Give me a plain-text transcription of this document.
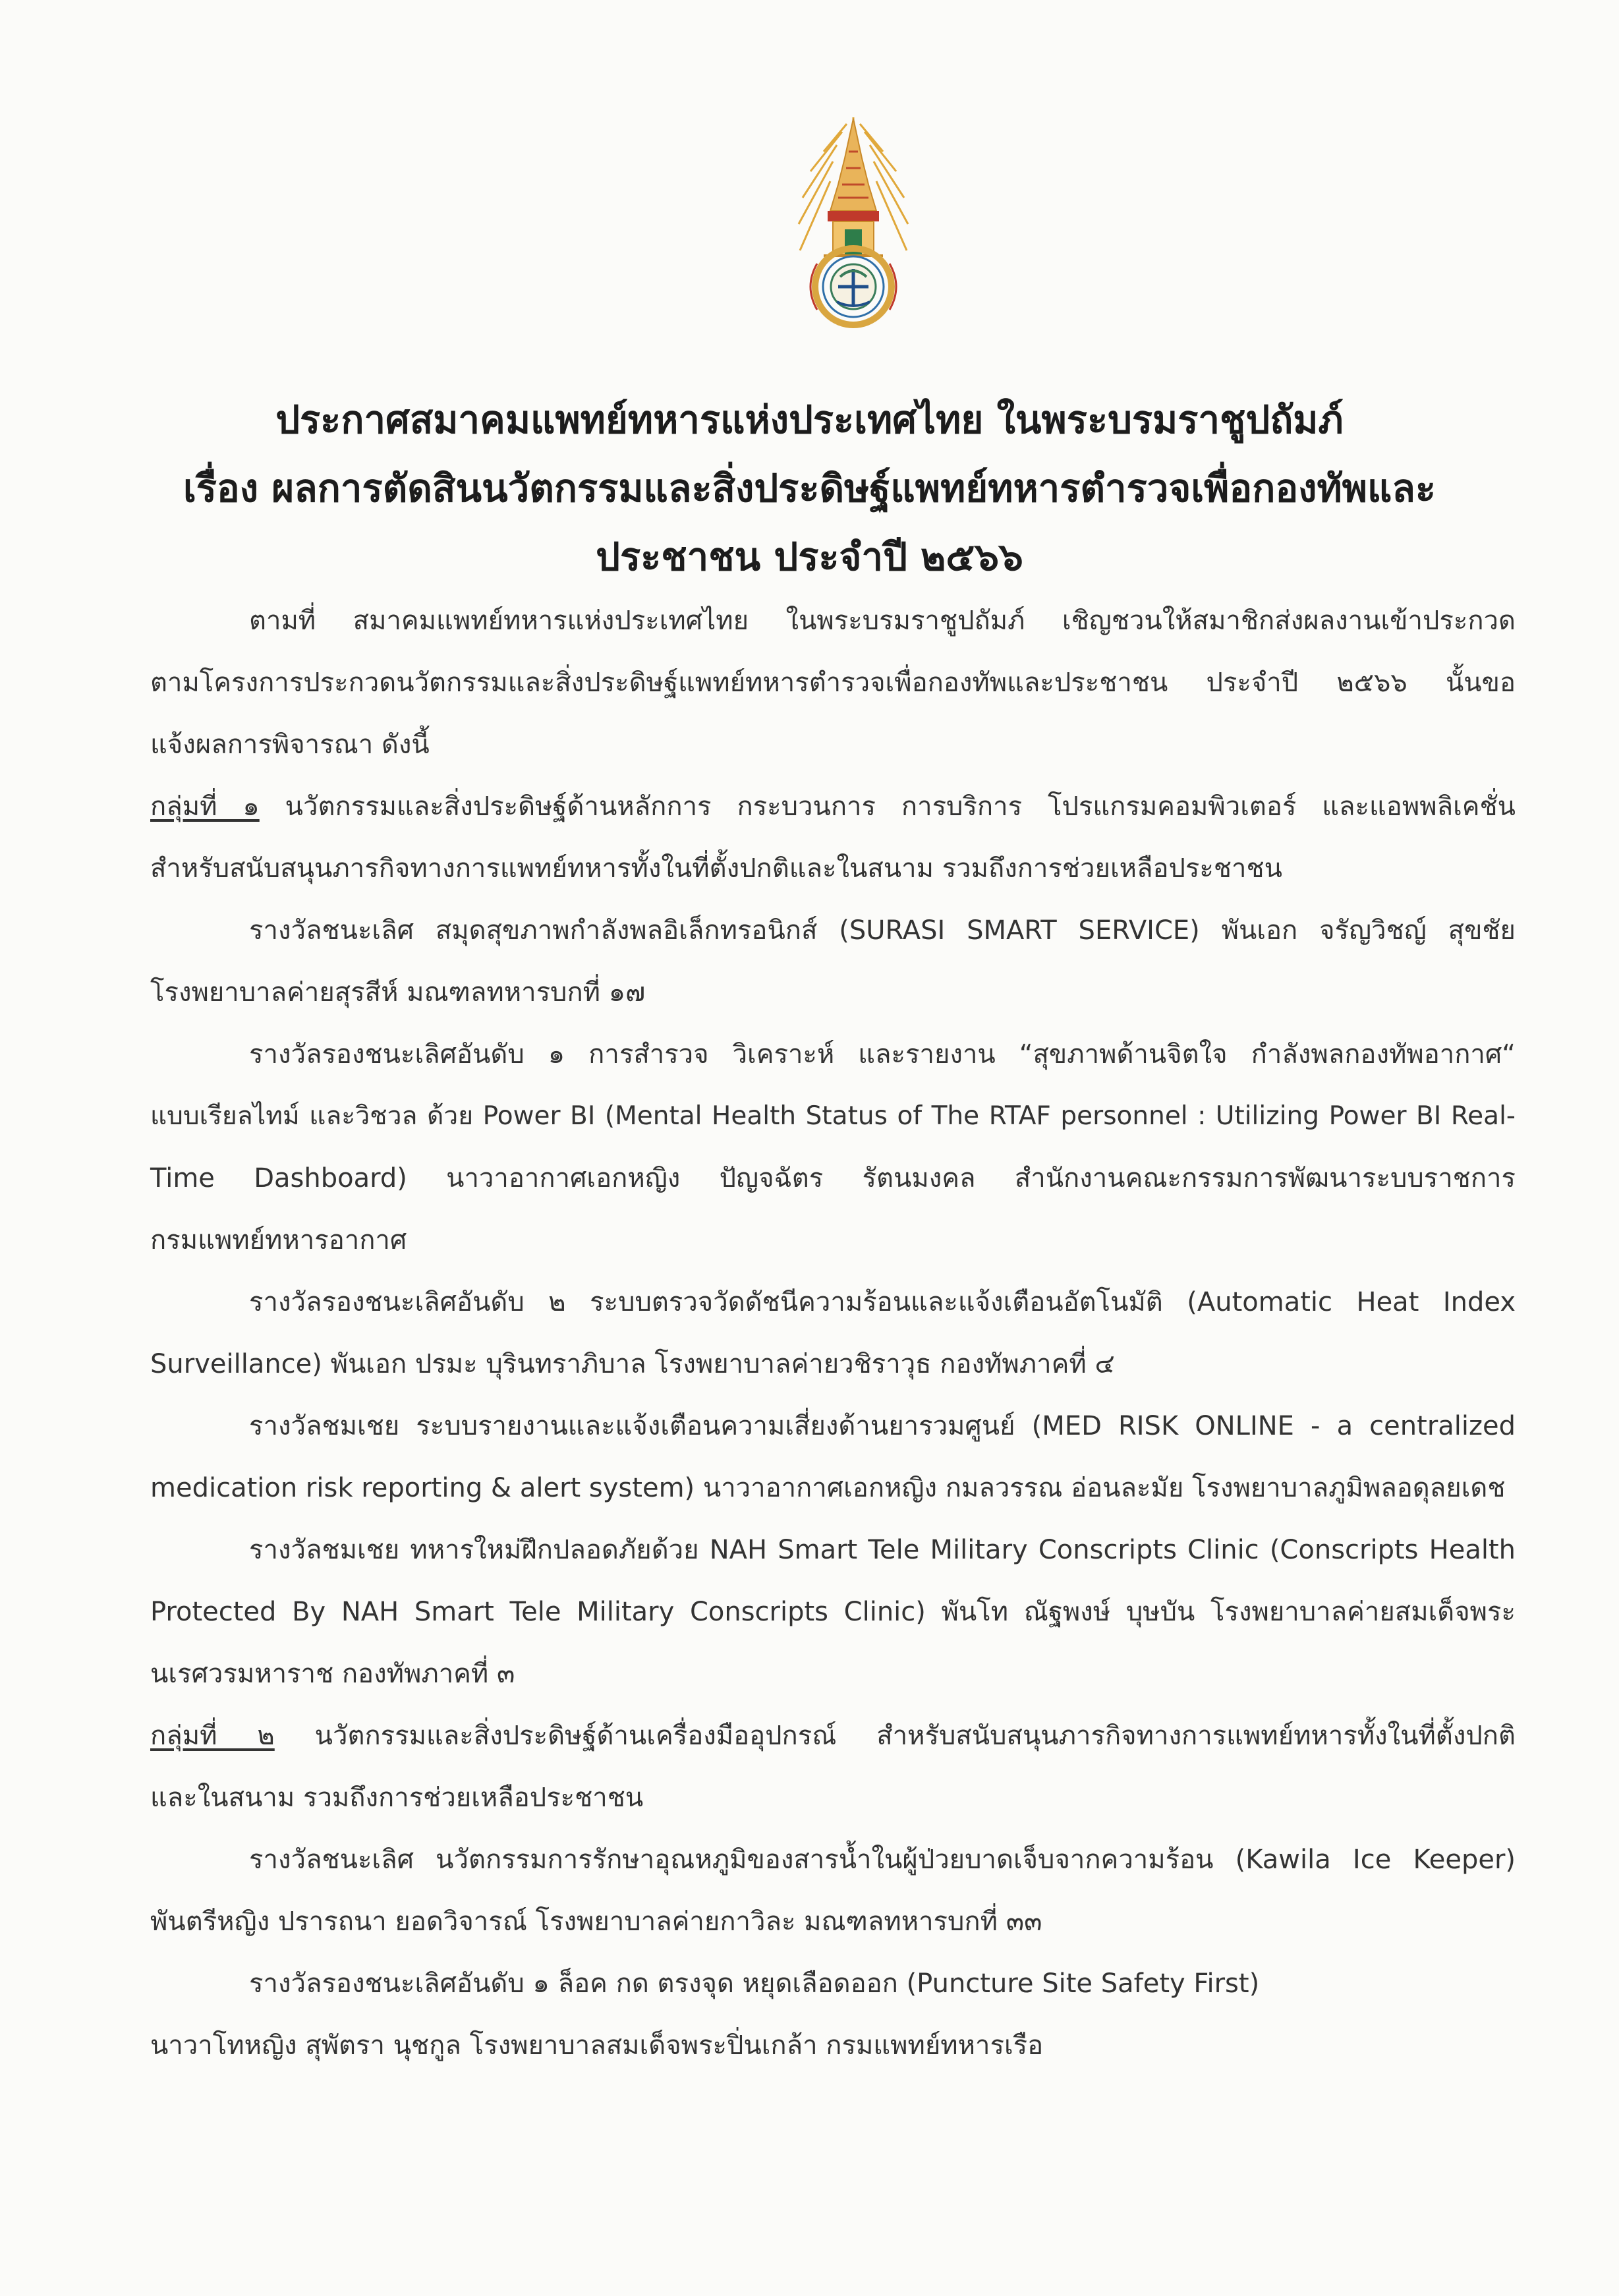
ประกาศสมาคมแพทย์ทหารแห่งประเทศไทย ในพระบรมราชูปถัมภ์
เรื่อง ผลการตัดสินนวัตกรรมและสิ่งประดิษฐ์แพทย์ทหารตำรวจเพื่อกองทัพและ
ประชาชน ประจำปี ๒๕๖๖
ตามที่ สมาคมแพทย์ทหารแห่งประเทศไทย ในพระบรมราชูปถัมภ์ เชิญชวนให้สมาชิกส่งผลงานเข้าประกวด
ตามโครงการประกวดนวัตกรรมและสิ่งประดิษฐ์แพทย์ทหารตำรวจเพื่อกองทัพและประชาชน ประจำปี ๒๕๖๖ นั้นขอ
แจ้งผลการพิจารณา ดังนี้
กลุ่มที่ ๑ นวัตกรรมและสิ่งประดิษฐ์ด้านหลักการ กระบวนการ การบริการ โปรแกรมคอมพิวเตอร์ และแอพพลิเคชั่น
สำหรับสนับสนุนภารกิจทางการแพทย์ทหารทั้งในที่ตั้งปกติและในสนาม รวมถึงการช่วยเหลือประชาชน
รางวัลชนะเลิศ สมุดสุขภาพกำลังพลอิเล็กทรอนิกส์ (SURASI SMART SERVICE) พันเอก จรัญวิชญ์ สุขชัย
โรงพยาบาลค่ายสุรสีห์ มณฑลทหารบกที่ ๑๗
รางวัลรองชนะเลิศอันดับ ๑ การสำรวจ วิเคราะห์ และรายงาน “สุขภาพด้านจิตใจ กำลังพลกองทัพอากาศ“
แบบเรียลไทม์ และวิชวล ด้วย Power BI (Mental Health Status of The RTAF personnel : Utilizing Power BI Real-
Time Dashboard) นาวาอากาศเอกหญิง ปัญจฉัตร รัตนมงคล สำนักงานคณะกรรมการพัฒนาระบบราชการ
กรมแพทย์ทหารอากาศ
รางวัลรองชนะเลิศอันดับ ๒ ระบบตรวจวัดดัชนีความร้อนและแจ้งเตือนอัตโนมัติ (Automatic Heat Index
Surveillance) พันเอก ปรมะ บุรินทราภิบาล โรงพยาบาลค่ายวชิราวุธ กองทัพภาคที่ ๔
รางวัลชมเชย ระบบรายงานและแจ้งเตือนความเสี่ยงด้านยารวมศูนย์ (MED RISK ONLINE - a centralized
medication risk reporting & alert system) นาวาอากาศเอกหญิง กมลวรรณ อ่อนละมัย โรงพยาบาลภูมิพลอดุลยเดช
รางวัลชมเชย ทหารใหม่ฝึกปลอดภัยด้วย NAH Smart Tele Military Conscripts Clinic (Conscripts Health
Protected By NAH Smart Tele Military Conscripts Clinic) พันโท ณัฐพงษ์ บุษบัน โรงพยาบาลค่ายสมเด็จพระ
นเรศวรมหาราช กองทัพภาคที่ ๓
กลุ่มที่ ๒ นวัตกรรมและสิ่งประดิษฐ์ด้านเครื่องมืออุปกรณ์ สำหรับสนับสนุนภารกิจทางการแพทย์ทหารทั้งในที่ตั้งปกติ
และในสนาม รวมถึงการช่วยเหลือประชาชน
รางวัลชนะเลิศ นวัตกรรมการรักษาอุณหภูมิของสารน้ำในผู้ป่วยบาดเจ็บจากความร้อน (Kawila Ice Keeper)
พันตรีหญิง ปรารถนา ยอดวิจารณ์ โรงพยาบาลค่ายกาวิละ มณฑลทหารบกที่ ๓๓
รางวัลรองชนะเลิศอันดับ ๑ ล็อค กด ตรงจุด หยุดเลือดออก (Puncture Site Safety First)
นาวาโทหญิง สุพัตรา นุชกูล โรงพยาบาลสมเด็จพระปิ่นเกล้า กรมแพทย์ทหารเรือ
